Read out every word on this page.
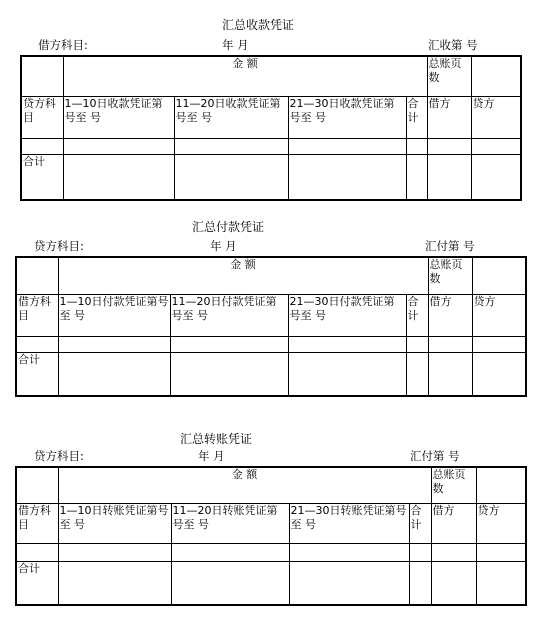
汇总收款凭证
借方科目:	年 月	汇收第 号
	金 额				总账页数	
贷方科目	1—10日收款凭证第 号至 号	11—20日收款凭证第 号至 号	21—30日收款凭证第号至 号	合计	借方	贷方

合计						
汇总付款凭证
贷方科目:	年 月	汇付第 号
	金 额				总账页数	
借方科目	1—10日付款凭证第号至 号	11—20日付款凭证第号至 号	21—30日付款凭证第号至 号	合计	借方	贷方

合计						
汇总转账凭证
贷方科目:	年 月	汇付第 号
	金 额				总账页数	
借方科目	1—10日转账凭证第号至 号	11—20日转账凭证第号至 号	21—30日转账凭证第号至 号	合计	借方	贷方

合计						
